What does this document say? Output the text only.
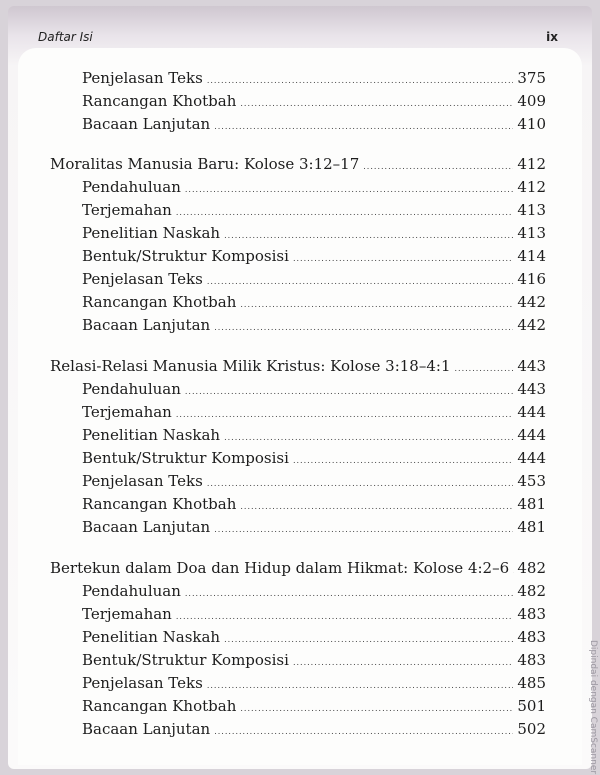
Daftar Isi	ix
Penjelasan Teks .....	375
Rancangan Khotbah .....	409
Bacaan Lanjutan .....	410
Moralitas Manusia Baru: Kolose 3:12–17 .....	412
Pendahuluan .....	412
Terjemahan .....	413
Penelitian Naskah .....	413
Bentuk/Struktur Komposisi .....	414
Penjelasan Teks .....	416
Rancangan Khotbah .....	442
Bacaan Lanjutan .....	442
Relasi-Relasi Manusia Milik Kristus: Kolose 3:18–4:1 .....	443
Pendahuluan .....	443
Terjemahan .....	444
Penelitian Naskah .....	444
Bentuk/Struktur Komposisi .....	444
Penjelasan Teks .....	453
Rancangan Khotbah .....	481
Bacaan Lanjutan .....	481
Bertekun dalam Doa dan Hidup dalam Hikmat: Kolose 4:2–6 ..... 482
Pendahuluan .....	482
Terjemahan .....	483
Penelitian Naskah .....	483
Bentuk/Struktur Komposisi .....	483
Penjelasan Teks .....	485
Rancangan Khotbah .....	501
Bacaan Lanjutan .....	502	Dipindai dengan CamScanner
